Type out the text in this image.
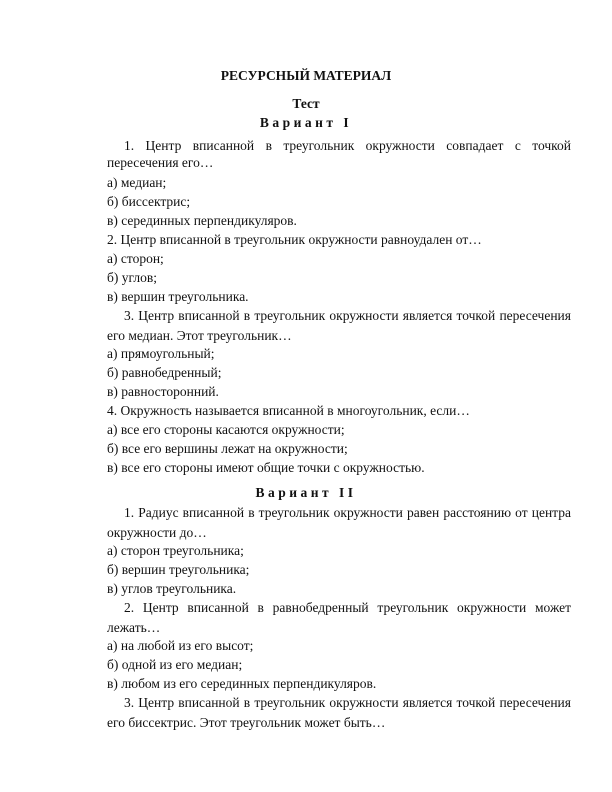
РЕСУРСНЫЙ МАТЕРИАЛ
Тест
Вариант I
1. Центр вписанной в треугольник окружности совпадает с точкой
пересечения его…
а) медиан;
б) биссектрис;
в) серединных перпендикуляров.
2. Центр вписанной в треугольник окружности равноудален от…
а) сторон;
б) углов;
в) вершин треугольника.
3. Центр вписанной в треугольник окружности является точкой пересечения
его медиан. Этот треугольник…
а) прямоугольный;
б) равнобедренный;
в) равносторонний.
4. Окружность называется вписанной в многоугольник, если…
а) все его стороны касаются окружности;
б) все его вершины лежат на окружности;
в) все его стороны имеют общие точки с окружностью.
Вариант II
1. Радиус вписанной в треугольник окружности равен расстоянию от центра
окружности до…
а) сторон треугольника;
б) вершин треугольника;
в) углов треугольника.
2. Центр вписанной в равнобедренный треугольник окружности может
лежать…
а) на любой из его высот;
б) одной из его медиан;
в) любом из его серединных перпендикуляров.
3. Центр вписанной в треугольник окружности является точкой пересечения
его биссектрис. Этот треугольник может быть…
